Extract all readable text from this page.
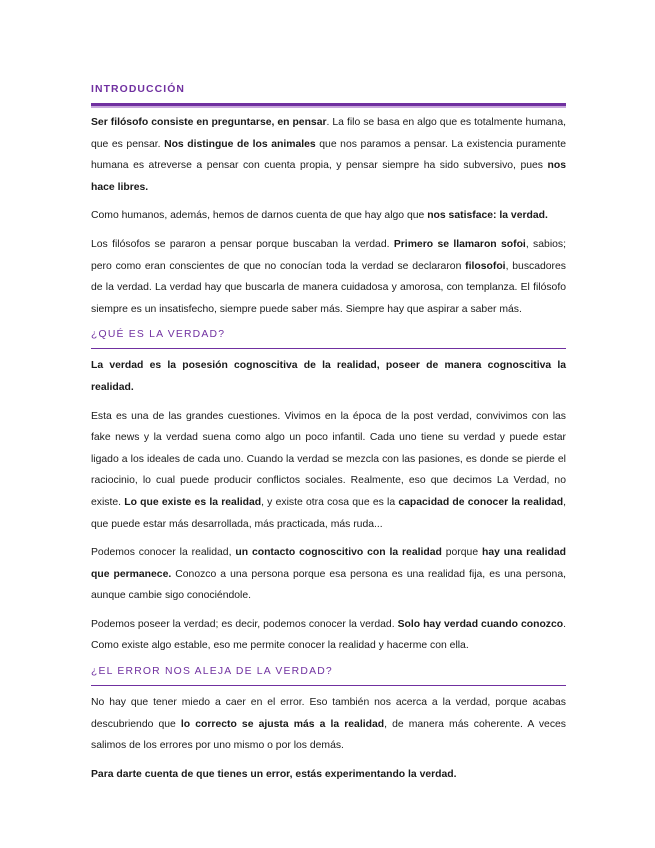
INTRODUCCIÓN

Ser filósofo consiste en preguntarse, en pensar. La filo se basa en algo que es totalmente humana, que es pensar. Nos distingue de los animales que nos paramos a pensar. La existencia puramente humana es atreverse a pensar con cuenta propia, y pensar siempre ha sido subversivo, pues nos hace libres.

Como humanos, además, hemos de darnos cuenta de que hay algo que nos satisface: la verdad.

Los filósofos se pararon a pensar porque buscaban la verdad. Primero se llamaron sofoi, sabios; pero como eran conscientes de que no conocían toda la verdad se declararon filosofoi, buscadores de la verdad. La verdad hay que buscarla de manera cuidadosa y amorosa, con templanza. El filósofo siempre es un insatisfecho, siempre puede saber más. Siempre hay que aspirar a saber más.

¿QUÉ ES LA VERDAD?

La verdad es la posesión cognoscitiva de la realidad, poseer de manera cognoscitiva la realidad.

Esta es una de las grandes cuestiones. Vivimos en la época de la post verdad, convivimos con las fake news y la verdad suena como algo un poco infantil. Cada uno tiene su verdad y puede estar ligado a los ideales de cada uno. Cuando la verdad se mezcla con las pasiones, es donde se pierde el raciocinio, lo cual puede producir conflictos sociales. Realmente, eso que decimos La Verdad, no existe. Lo que existe es la realidad, y existe otra cosa que es la capacidad de conocer la realidad, que puede estar más desarrollada, más practicada, más ruda...

Podemos conocer la realidad, un contacto cognoscitivo con la realidad porque hay una realidad que permanece. Conozco a una persona porque esa persona es una realidad fija, es una persona, aunque cambie sigo conociéndole.

Podemos poseer la verdad; es decir, podemos conocer la verdad. Solo hay verdad cuando conozco. Como existe algo estable, eso me permite conocer la realidad y hacerme con ella.

¿EL ERROR NOS ALEJA DE LA VERDAD?

No hay que tener miedo a caer en el error. Eso también nos acerca a la verdad, porque acabas descubriendo que lo correcto se ajusta más a la realidad, de manera más coherente. A veces salimos de los errores por uno mismo o por los demás.

Para darte cuenta de que tienes un error, estás experimentando la verdad.
